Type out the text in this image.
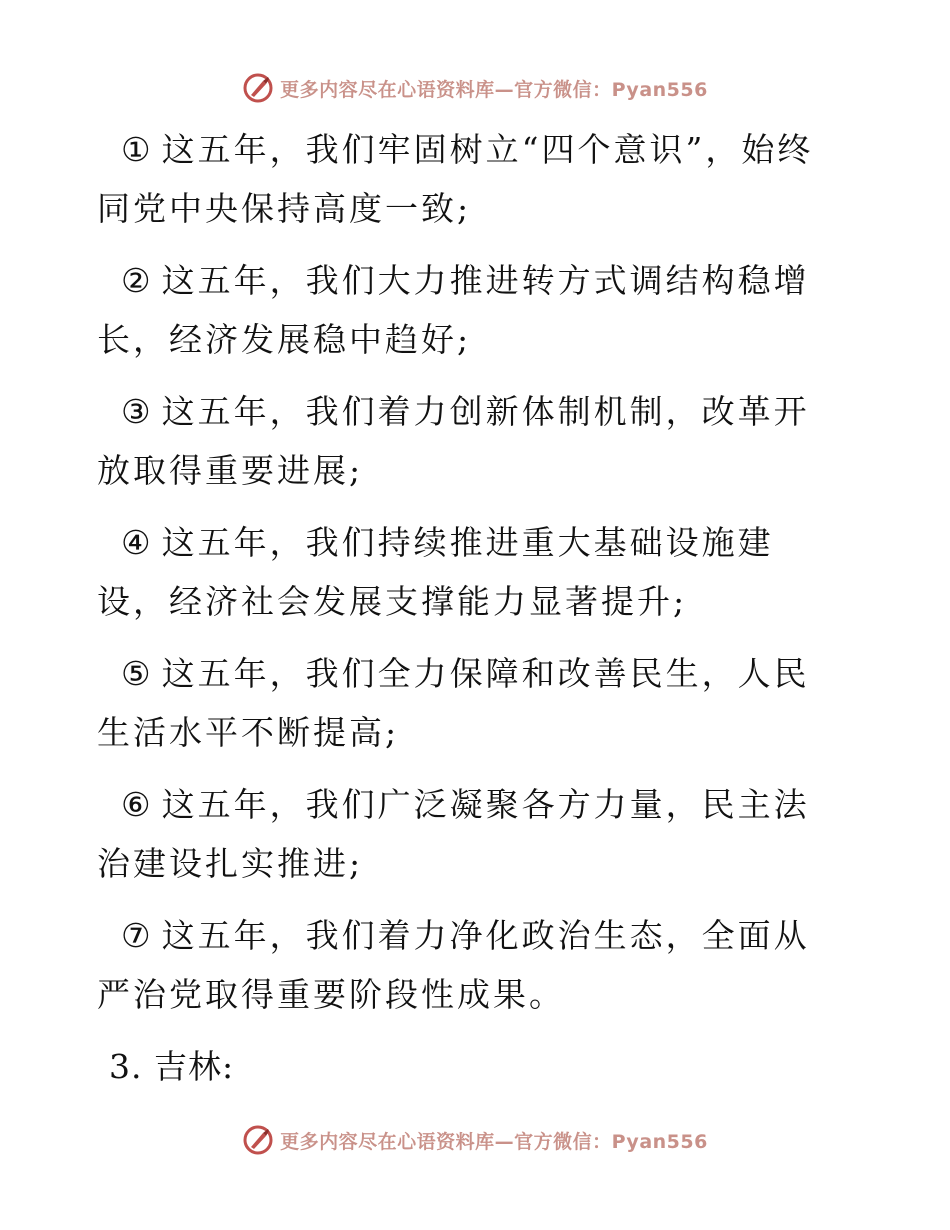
更多内容尽在心语资料库—官方微信：Pyan556

① 这五年，我们牢固树立“四个意识”，始终同党中央保持高度一致;

② 这五年，我们大力推进转方式调结构稳增长，经济发展稳中趋好;

③ 这五年，我们着力创新体制机制，改革开放取得重要进展;

④ 这五年，我们持续推进重大基础设施建设，经济社会发展支撑能力显著提升;

⑤ 这五年，我们全力保障和改善民生，人民生活水平不断提高;

⑥ 这五年，我们广泛凝聚各方力量，民主法治建设扎实推进;

⑦ 这五年，我们着力净化政治生态，全面从严治党取得重要阶段性成果。

3. 吉林:

更多内容尽在心语资料库—官方微信：Pyan556
